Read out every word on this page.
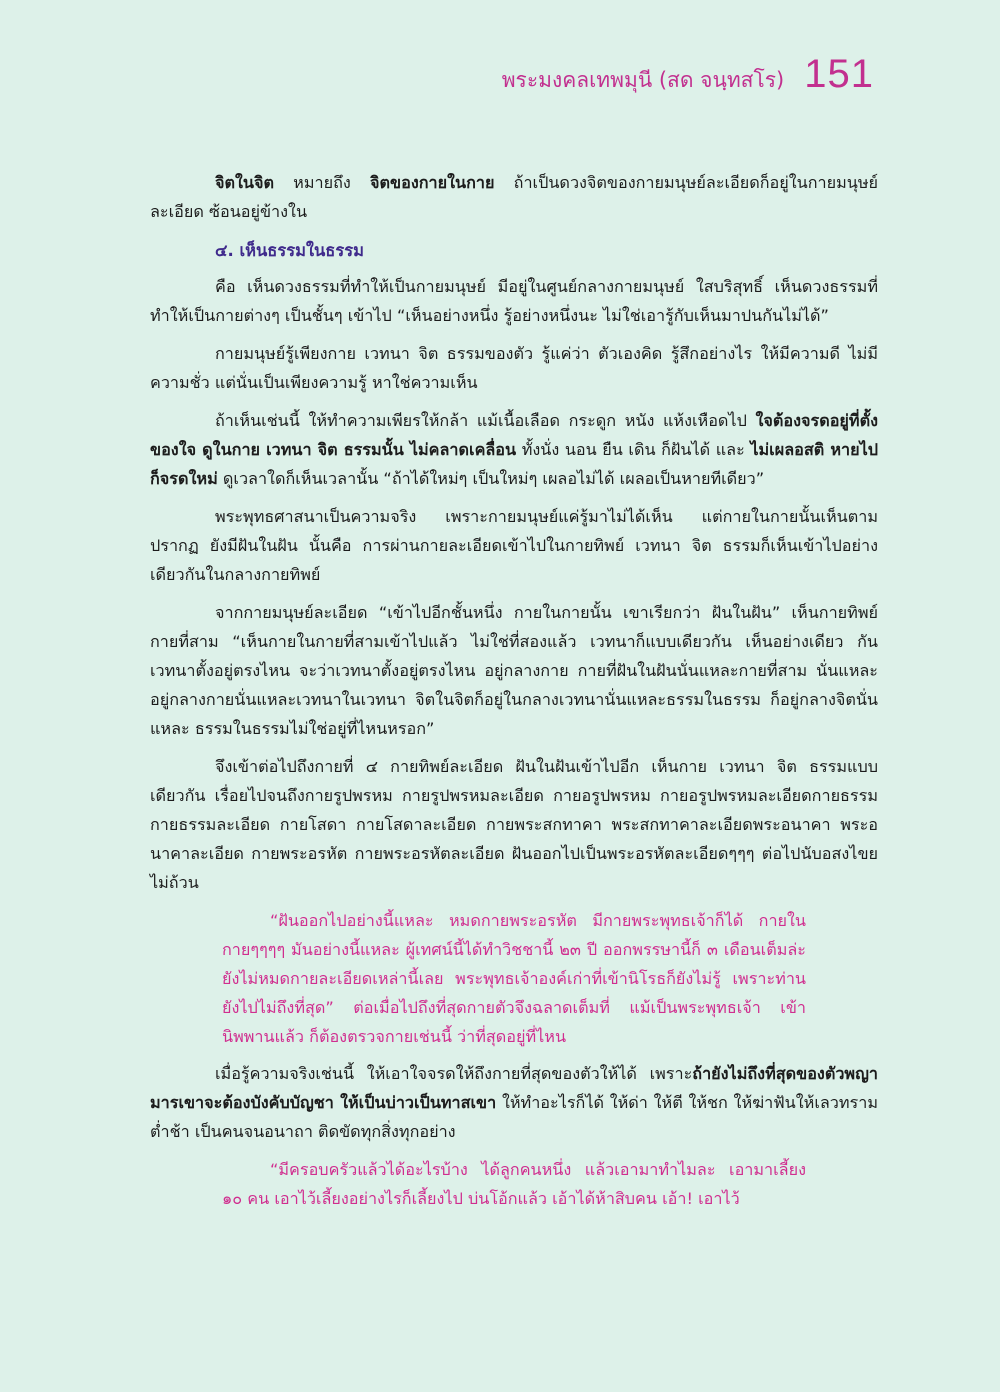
พระมงคลเทพมุนี (สด จนฺทสโร) 151

จิตในจิต หมายถึง จิตของกายในกาย ถ้าเป็นดวงจิตของกายมนุษย์ละเอียดก็อยู่ในกายมนุษย์ละเอียด ซ้อนอยู่ข้างใน

๔. เห็นธรรมในธรรม

คือ เห็นดวงธรรมที่ทำให้เป็นกายมนุษย์ มีอยู่ในศูนย์กลางกายมนุษย์ ใสบริสุทธิ์ เห็นดวงธรรมที่ทำให้เป็นกายต่างๆ เป็นชั้นๆ เข้าไป “เห็นอย่างหนึ่ง รู้อย่างหนึ่งนะ ไม่ใช่เอารู้กับเห็นมาปนกันไม่ได้”

กายมนุษย์รู้เพียงกาย เวทนา จิต ธรรมของตัว รู้แค่ว่า ตัวเองคิด รู้สึกอย่างไร ให้มีความดี ไม่มีความชั่ว แต่นั่นเป็นเพียงความรู้ หาใช่ความเห็น

ถ้าเห็นเช่นนี้ ให้ทำความเพียรให้กล้า แม้เนื้อเลือด กระดูก หนัง แห้งเหือดไป ใจต้องจรดอยู่ที่ตั้งของใจ ดูในกาย เวทนา จิต ธรรมนั้น ไม่คลาดเคลื่อน ทั้งนั่ง นอน ยืน เดิน ก็ฝันได้ และ ไม่เผลอสติ หายไปก็จรดใหม่ ดูเวลาใดก็เห็นเวลานั้น “ถ้าได้ใหม่ๆ เป็นใหม่ๆ เผลอไม่ได้ เผลอเป็นหายทีเดียว”

พระพุทธศาสนาเป็นความจริง เพราะกายมนุษย์แค่รู้มาไม่ได้เห็น แต่กายในกายนั้นเห็นตามปรากฏ ยังมีฝันในฝัน นั้นคือ การผ่านกายละเอียดเข้าไปในกายทิพย์ เวทนา จิต ธรรมก็เห็นเข้าไปอย่างเดียวกันในกลางกายทิพย์

จากกายมนุษย์ละเอียด “เข้าไปอีกชั้นหนึ่ง กายในกายนั้น เขาเรียกว่า ฝันในฝัน” เห็นกายทิพย์ กายที่สาม “เห็นกายในกายที่สามเข้าไปแล้ว ไม่ใช่ที่สองแล้ว เวทนาก็แบบเดียวกัน เห็นอย่างเดียว กัน เวทนาตั้งอยู่ตรงไหน จะว่าเวทนาตั้งอยู่ตรงไหน อยู่กลางกาย กายที่ฝันในฝันนั่นแหละกายที่สาม นั่นแหละอยู่กลางกายนั่นแหละเวทนาในเวทนา จิตในจิตก็อยู่ในกลางเวทนานั่นแหละธรรมในธรรม ก็อยู่กลางจิตนั่นแหละ ธรรมในธรรมไม่ใช่อยู่ที่ไหนหรอก”

จึงเข้าต่อไปถึงกายที่ ๔ กายทิพย์ละเอียด ฝันในฝันเข้าไปอีก เห็นกาย เวทนา จิต ธรรมแบบเดียวกัน เรื่อยไปจนถึงกายรูปพรหม กายรูปพรหมละเอียด กายอรูปพรหม กายอรูปพรหมละเอียดกายธรรม กายธรรมละเอียด กายโสดา กายโสดาละเอียด กายพระสกทาคา พระสกทาคาละเอียดพระอนาคา พระอนาคาละเอียด กายพระอรหัต กายพระอรหัตละเอียด ฝันออกไปเป็นพระอรหัตละเอียดๆๆๆ ต่อไปนับอสงไขยไม่ถ้วน

“ฝันออกไปอย่างนี้แหละ หมดกายพระอรหัต มีกายพระพุทธเจ้าก็ได้ กายในกายๆๆๆๆ มันอย่างนี้แหละ ผู้เทศน์นี้ได้ทำวิชชานี้ ๒๓ ปี ออกพรรษานี้ก็ ๓ เดือนเต็มล่ะ ยังไม่หมดกายละเอียดเหล่านี้เลย พระพุทธเจ้าองค์เก่าที่เข้านิโรธก็ยังไม่รู้ เพราะท่านยังไปไม่ถึงที่สุด” ต่อเมื่อไปถึงที่สุดกายตัวจึงฉลาดเต็มที่ แม้เป็นพระพุทธเจ้า เข้านิพพานแล้ว ก็ต้องตรวจกายเช่นนี้ ว่าที่สุดอยู่ที่ไหน

เมื่อรู้ความจริงเช่นนี้ ให้เอาใจจรดให้ถึงกายที่สุดของตัวให้ได้ เพราะถ้ายังไม่ถึงที่สุดของตัวพญามารเขาจะต้องบังคับบัญชา ให้เป็นบ่าวเป็นทาสเขา ให้ทำอะไรก็ได้ ให้ด่า ให้ตี ให้ชก ให้ฆ่าฟันให้เลวทรามต่ำช้า เป็นคนจนอนาถา ติดขัดทุกสิ่งทุกอย่าง

“มีครอบครัวแล้วได้อะไรบ้าง ได้ลูกคนหนึ่ง แล้วเอามาทำไมละ เอามาเลี้ยง ๑๐ คน เอาไว้เลี้ยงอย่างไรก็เลี้ยงไป บ่นโอ้กแล้ว เอ้าได้ห้าสิบคน เอ้า! เอาไว้
